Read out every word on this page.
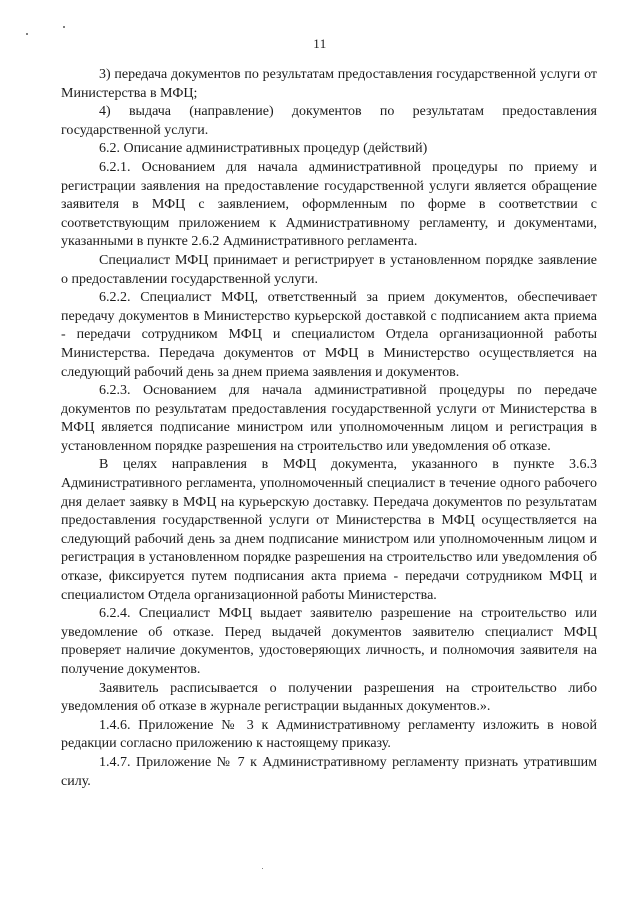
11

3) передача документов по результатам предоставления государственной услуги от Министерства в МФЦ;

4) выдача (направление) документов по результатам предоставления государственной услуги.

6.2. Описание административных процедур (действий)

6.2.1. Основанием для начала административной процедуры по приему и регистрации заявления на предоставление государственной услуги является обращение заявителя в МФЦ с заявлением, оформленным по форме в соответствии с соответствующим приложением к Административному регламенту, и документами, указанными в пункте 2.6.2 Административного регламента.

Специалист МФЦ принимает и регистрирует в установленном порядке заявление о предоставлении государственной услуги.

6.2.2. Специалист МФЦ, ответственный за прием документов, обеспечивает передачу документов в Министерство курьерской доставкой с подписанием акта приема - передачи сотрудником МФЦ и специалистом Отдела организационной работы Министерства. Передача документов от МФЦ в Министерство осуществляется на следующий рабочий день за днем приема заявления и документов.

6.2.3. Основанием для начала административной процедуры по передаче документов по результатам предоставления государственной услуги от Министерства в МФЦ является подписание министром или уполномоченным лицом и регистрация в установленном порядке разрешения на строительство или уведомления об отказе.

В целях направления в МФЦ документа, указанного в пункте 3.6.3 Административного регламента, уполномоченный специалист в течение одного рабочего дня делает заявку в МФЦ на курьерскую доставку. Передача документов по результатам предоставления государственной услуги от Министерства в МФЦ осуществляется на следующий рабочий день за днем подписание министром или уполномоченным лицом и регистрация в установленном порядке разрешения на строительство или уведомления об отказе, фиксируется путем подписания акта приема - передачи сотрудником МФЦ и специалистом Отдела организационной работы Министерства.

6.2.4. Специалист МФЦ выдает заявителю разрешение на строительство или уведомление об отказе. Перед выдачей документов заявителю специалист МФЦ проверяет наличие документов, удостоверяющих личность, и полномочия заявителя на получение документов.

Заявитель расписывается о получении разрешения на строительство либо уведомления об отказе в журнале регистрации выданных документов.».

1.4.6. Приложение № 3 к Административному регламенту изложить в новой редакции согласно приложению к настоящему приказу.

1.4.7. Приложение № 7 к Административному регламенту признать утратившим силу.
